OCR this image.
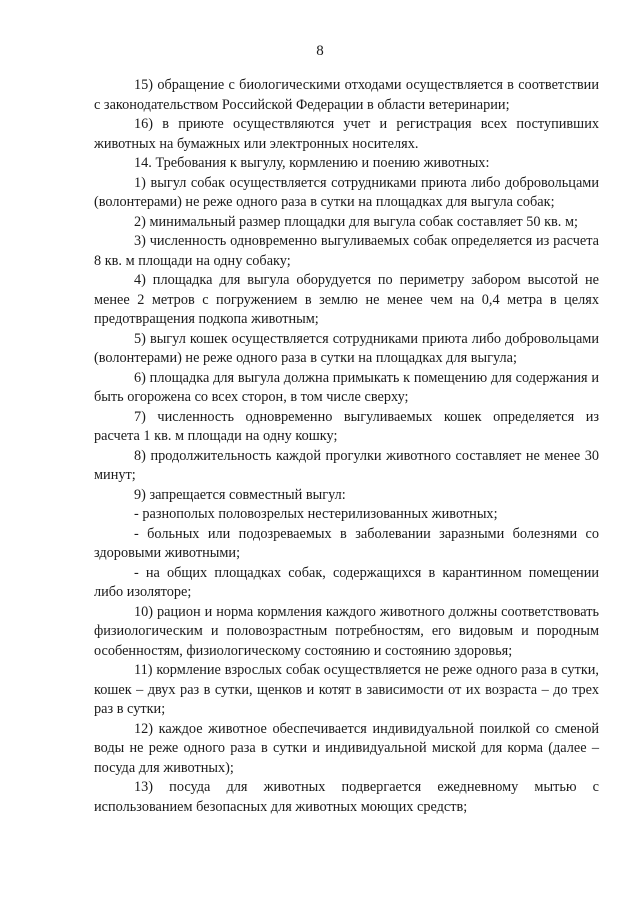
8

15) обращение с биологическими отходами осуществляется в соответствии с законодательством Российской Федерации в области ветеринарии;

16) в приюте осуществляются учет и регистрация всех поступивших животных на бумажных или электронных носителях.

14. Требования к выгулу, кормлению и поению животных:

1) выгул собак осуществляется сотрудниками приюта либо добровольцами (волонтерами) не реже одного раза в сутки на площадках для выгула собак;

2) минимальный размер площадки для выгула собак составляет 50 кв. м;

3) численность одновременно выгуливаемых собак определяется из расчета 8 кв. м площади на одну собаку;

4) площадка для выгула оборудуется по периметру забором высотой не менее 2 метров с погружением в землю не менее чем на 0,4 метра в целях предотвращения подкопа животным;

5) выгул кошек осуществляется сотрудниками приюта либо добровольцами (волонтерами) не реже одного раза в сутки на площадках для выгула;

6) площадка для выгула должна примыкать к помещению для содержания и быть огорожена со всех сторон, в том числе сверху;

7) численность одновременно выгуливаемых кошек определяется из расчета 1 кв. м площади на одну кошку;

8) продолжительность каждой прогулки животного составляет не менее 30 минут;

9) запрещается совместный выгул:

- разнополых половозрелых нестерилизованных животных;

- больных или подозреваемых в заболевании заразными болезнями со здоровыми животными;

- на общих площадках собак, содержащихся в карантинном помещении либо изоляторе;

10) рацион и норма кормления каждого животного должны соответствовать физиологическим и половозрастным потребностям, его видовым и породным особенностям, физиологическому состоянию и состоянию здоровья;

11) кормление взрослых собак осуществляется не реже одного раза в сутки, кошек – двух раз в сутки, щенков и котят в зависимости от их возраста – до трех раз в сутки;

12) каждое животное обеспечивается индивидуальной поилкой со сменой воды не реже одного раза в сутки и индивидуальной миской для корма (далее – посуда для животных);

13) посуда для животных подвергается ежедневному мытью с использованием безопасных для животных моющих средств;
